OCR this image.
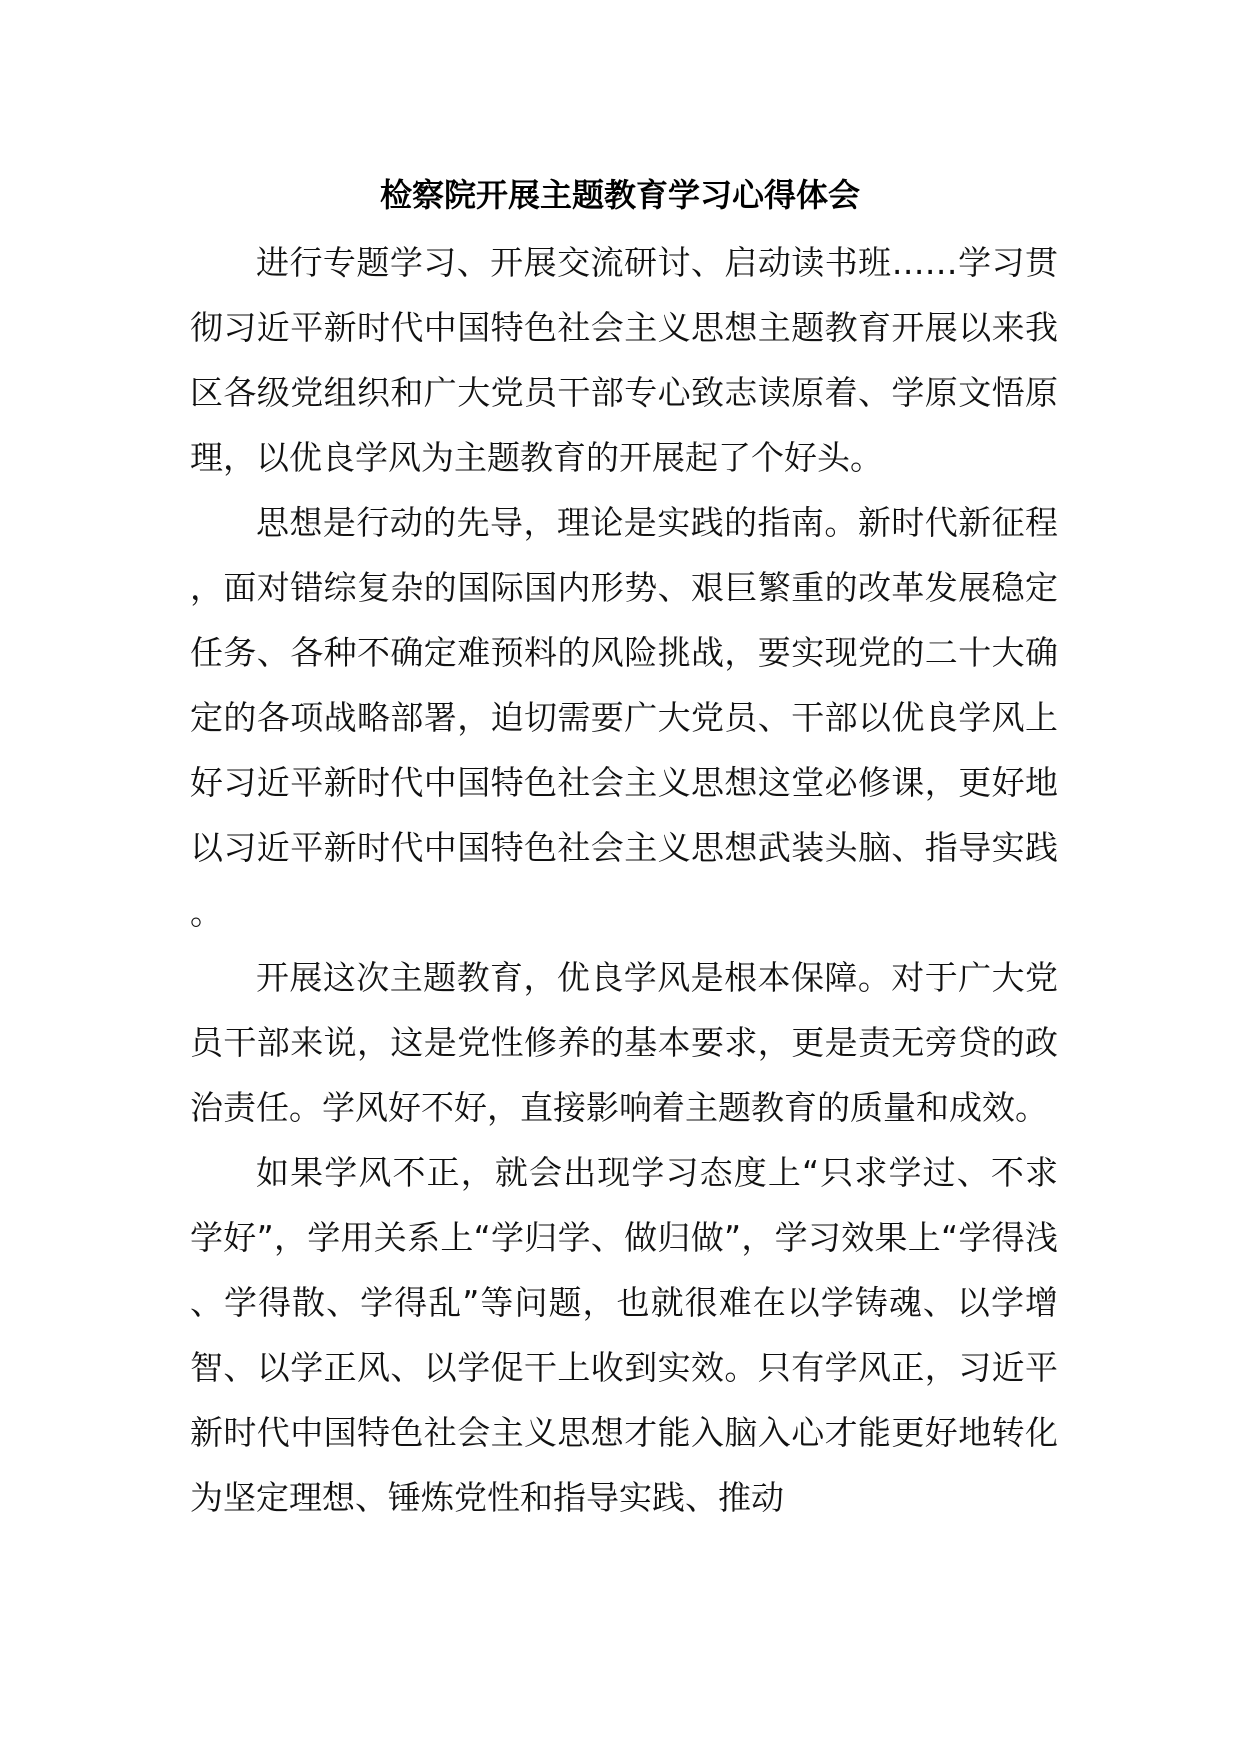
检察院开展主题教育学习心得体会

进行专题学习、开展交流研讨、启动读书班……学习贯彻习近平新时代中国特色社会主义思想主题教育开展以来我区各级党组织和广大党员干部专心致志读原着、学原文悟原理，以优良学风为主题教育的开展起了个好头。

思想是行动的先导，理论是实践的指南。新时代新征程，面对错综复杂的国际国内形势、艰巨繁重的改革发展稳定任务、各种不确定难预料的风险挑战，要实现党的二十大确定的各项战略部署，迫切需要广大党员、干部以优良学风上好习近平新时代中国特色社会主义思想这堂必修课，更好地以习近平新时代中国特色社会主义思想武装头脑、指导实践。

开展这次主题教育，优良学风是根本保障。对于广大党员干部来说，这是党性修养的基本要求，更是责无旁贷的政治责任。学风好不好，直接影响着主题教育的质量和成效。

如果学风不正，就会出现学习态度上“只求学过、不求学好”，学用关系上“学归学、做归做”，学习效果上“学得浅、学得散、学得乱”等问题，也就很难在以学铸魂、以学增智、以学正风、以学促干上收到实效。只有学风正，习近平新时代中国特色社会主义思想才能入脑入心才能更好地转化为坚定理想、锤炼党性和指导实践、推动
